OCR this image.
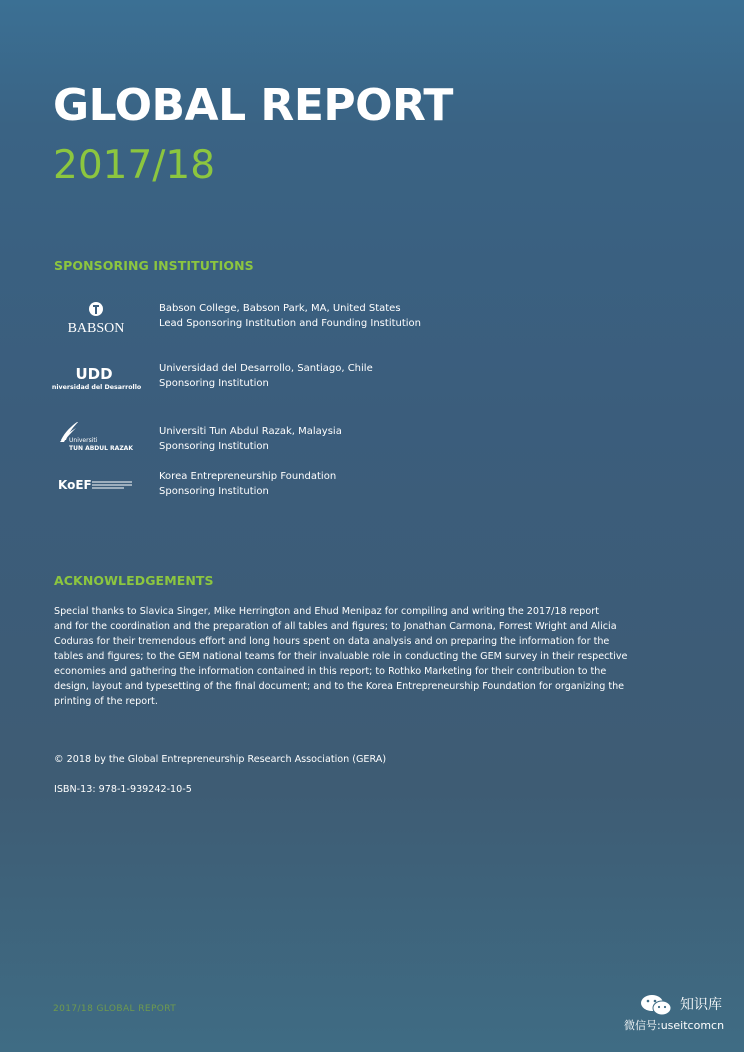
GLOBAL REPORT
2017/18
SPONSORING INSTITUTIONS
BABSON
Babson College, Babson Park, MA, United States
Lead Sponsoring Institution and Founding Institution
UDD
Universidad del Desarrollo
Universidad del Desarrollo, Santiago, Chile
Sponsoring Institution
Universiti
TUN ABDUL RAZAK
Universiti Tun Abdul Razak, Malaysia
Sponsoring Institution
KoEF
Korea Entrepreneurship Foundation
Sponsoring Institution
ACKNOWLEDGEMENTS
Special thanks to Slavica Singer, Mike Herrington and Ehud Menipaz for compiling and writing the 2017/18 report
and for the coordination and the preparation of all tables and figures; to Jonathan Carmona, Forrest Wright and Alicia
Coduras for their tremendous effort and long hours spent on data analysis and on preparing the information for the
tables and figures; to the GEM national teams for their invaluable role in conducting the GEM survey in their respective
economies and gathering the information contained in this report; to Rothko Marketing for their contribution to the
design, layout and typesetting of the final document; and to the Korea Entrepreneurship Foundation for organizing the
printing of the report.

© 2018 by the Global Entrepreneurship Research Association (GERA)

ISBN-13: 978-1-939242-10-5

2017/18 GLOBAL REPORT	知识库
微信号:useitcomcn
